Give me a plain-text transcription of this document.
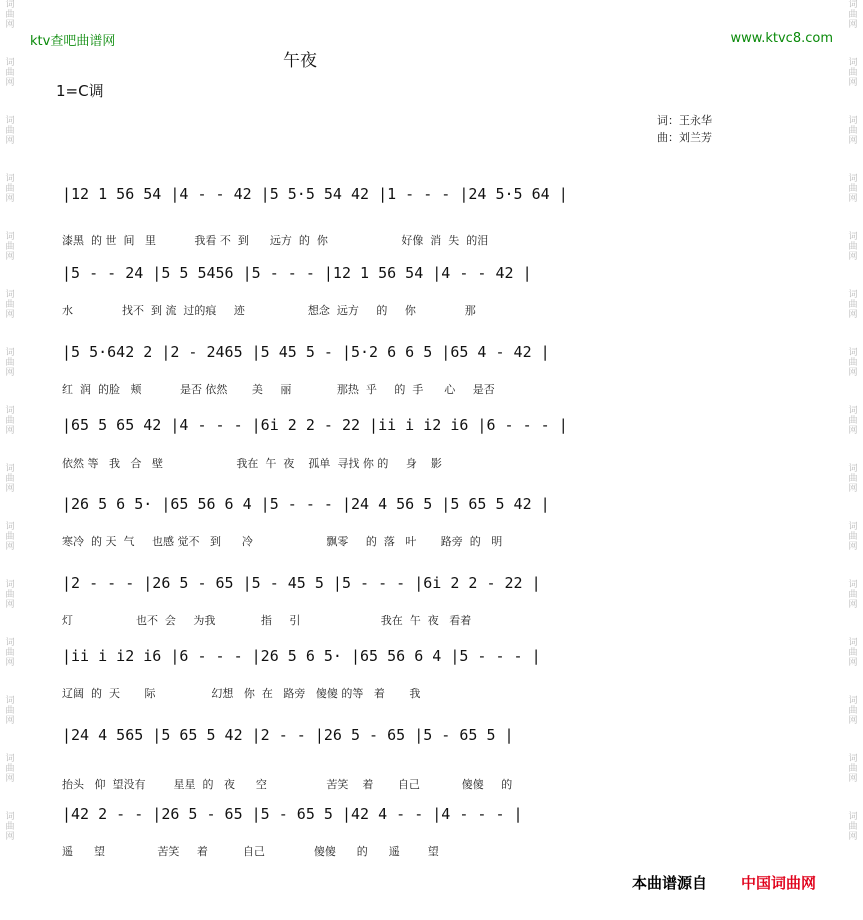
词
曲
网
词
曲
网
词
曲
网
词
曲
网
词
曲
网
词
曲
网
词
曲
网
词
曲
网
词
曲
网
词
曲
网
词
曲
网
词
曲
网
词
曲
网
词
曲
网
词
曲
网
词
曲
网
词
曲
网
词
曲
网
词
曲
网
词
曲
网
词
曲
网
词
曲
网
词
曲
网
词
曲
网
词
曲
网
词
曲
网
词
曲
网
词
曲
网
词
曲
网
词
曲
网
ktv查吧曲谱网	www.ktvc8.com
午夜
1=C调
词：王永华
曲：刘兰芳
|12 1 56 54 |4 - - 42 |5 5·5 54 42 |1 - - - |24 5·5 64 |
漆黑  的 世  间   里           我看 不  到      远方  的  你                     好像  消  失  的泪
|5 - - 24 |5 5 5456 |5 - - - |12 1 56 54 |4 - - 42 |
水              找不  到 流  过的痕     迹                  想念  远方     的     你              那
|5 5·642 2 |2 - 2465 |5 45 5 - |5·2 6 6 5 |65 4 - 42 |
红  润  的脸   颊           是否 依然       美     丽             那热  乎     的  手      心     是否
|65 5 65 42 |4 - - - |6i 2 2 - 22 |ii i i2 i6 |6 - - - |
依然 等   我   合   壁                     我在  午  夜    孤单  寻找 你 的     身    影
|26 5 6 5· |65 56 6 4 |5 - - - |24 4 56 5 |5 65 5 42 |
寒冷  的 天  气     也感 觉不   到      冷                     飘零     的  落   叶       路旁  的   明
|2 - - - |26 5 - 65 |5 - 45 5 |5 - - - |6i 2 2 - 22 |
灯                  也不  会     为我             指     引                       我在  午  夜   看着
|ii i i2 i6 |6 - - - |26 5 6 5· |65 56 6 4 |5 - - - |
辽阔  的  天       际                幻想   你  在   路旁   傻傻 的等   着       我
|24 4 565 |5 65 5 42 |2 - - |26 5 - 65 |5 - 65 5 |
抬头   仰  望没有        星星  的   夜      空                 苦笑    着       自己            傻傻     的
|42 2 - - |26 5 - 65 |5 - 65 5 |42 4 - - |4 - - - |
遥      望               苦笑     着          自己              傻傻      的      遥        望
本曲谱源自 中国词曲网
